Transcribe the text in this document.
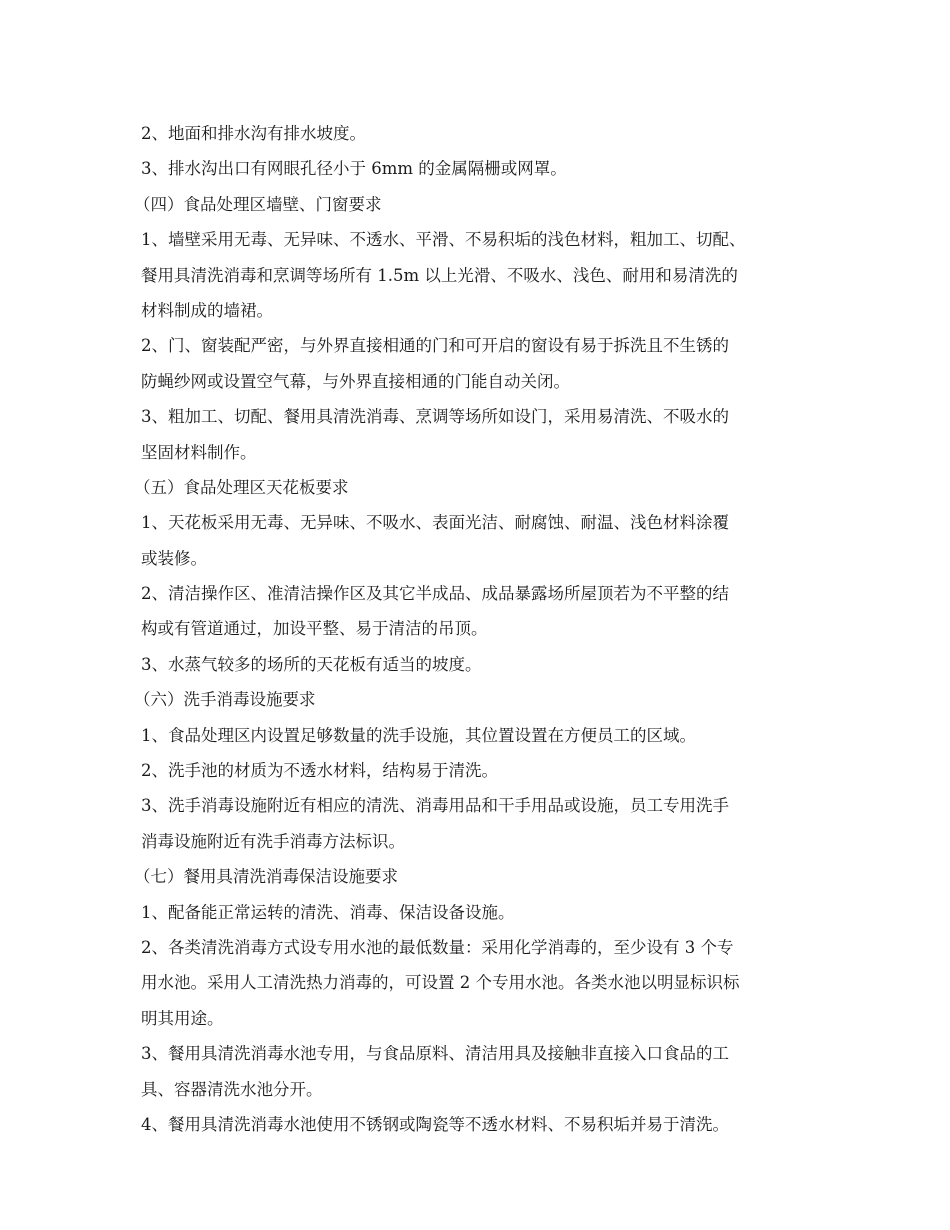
2、地面和排水沟有排水坡度。

3、排水沟出口有网眼孔径小于 6mm 的金属隔栅或网罩。

（四）食品处理区墙壁、门窗要求

1、墙壁采用无毒、无异味、不透水、平滑、不易积垢的浅色材料，粗加工、切配、

餐用具清洗消毒和烹调等场所有 1.5m 以上光滑、不吸水、浅色、耐用和易清洗的

材料制成的墙裙。

2、门、窗装配严密，与外界直接相通的门和可开启的窗设有易于拆洗且不生锈的

防蝇纱网或设置空气幕，与外界直接相通的门能自动关闭。

3、粗加工、切配、餐用具清洗消毒、烹调等场所如设门，采用易清洗、不吸水的

坚固材料制作。

（五）食品处理区天花板要求

1、天花板采用无毒、无异味、不吸水、表面光洁、耐腐蚀、耐温、浅色材料涂覆

或装修。

2、清洁操作区、准清洁操作区及其它半成品、成品暴露场所屋顶若为不平整的结

构或有管道通过，加设平整、易于清洁的吊顶。

3、水蒸气较多的场所的天花板有适当的坡度。

（六）洗手消毒设施要求

1、食品处理区内设置足够数量的洗手设施，其位置设置在方便员工的区域。

2、洗手池的材质为不透水材料，结构易于清洗。

3、洗手消毒设施附近有相应的清洗、消毒用品和干手用品或设施，员工专用洗手

消毒设施附近有洗手消毒方法标识。

（七）餐用具清洗消毒保洁设施要求

1、配备能正常运转的清洗、消毒、保洁设备设施。

2、各类清洗消毒方式设专用水池的最低数量：采用化学消毒的，至少设有 3 个专

用水池。采用人工清洗热力消毒的，可设置 2 个专用水池。各类水池以明显标识标

明其用途。

3、餐用具清洗消毒水池专用，与食品原料、清洁用具及接触非直接入口食品的工

具、容器清洗水池分开。

4、餐用具清洗消毒水池使用不锈钢或陶瓷等不透水材料、不易积垢并易于清洗。
